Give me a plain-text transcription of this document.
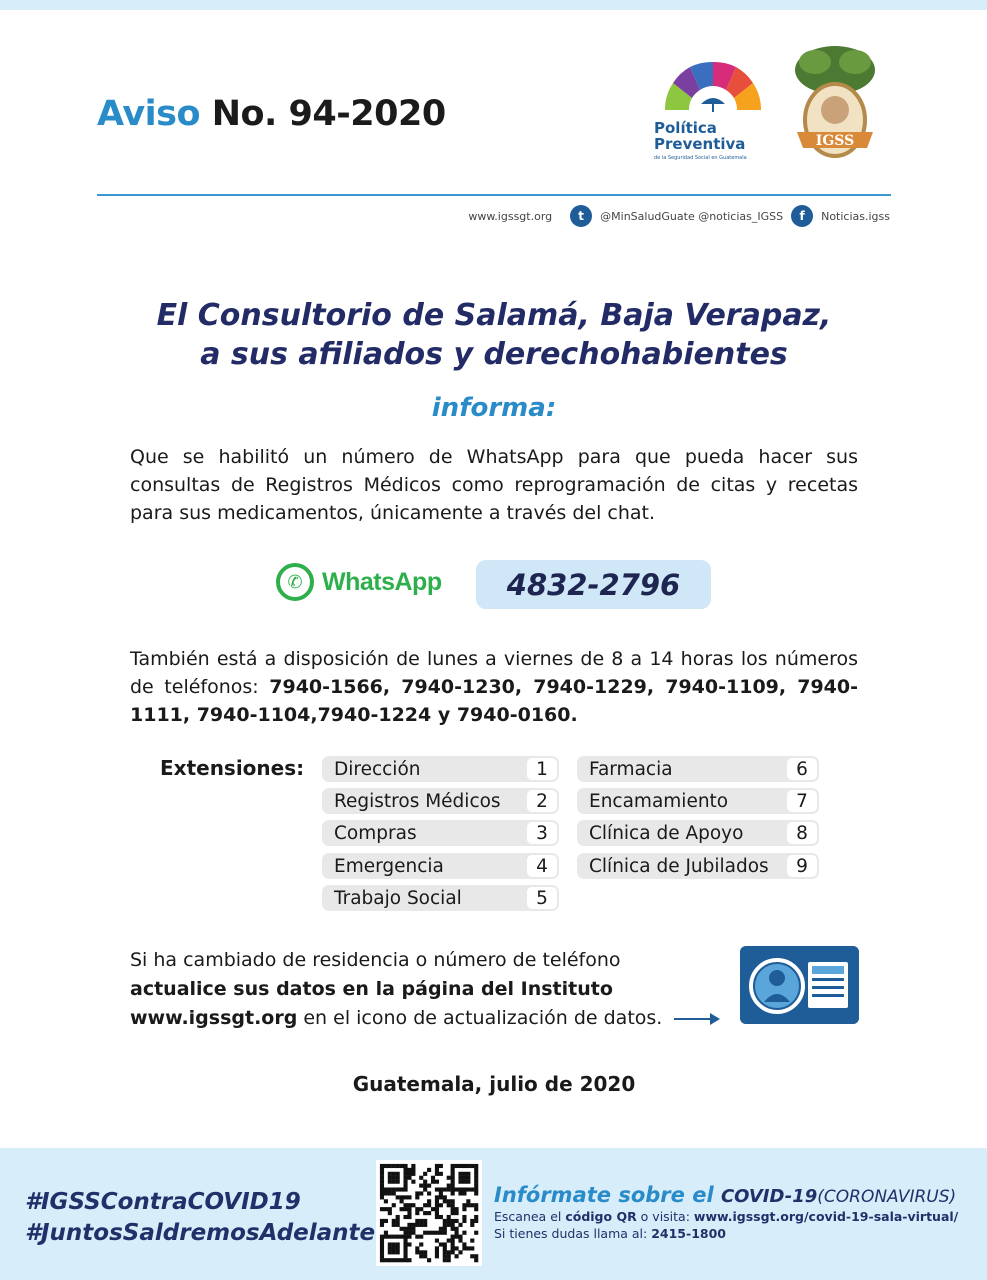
Aviso No. 94-2020	Política
Preventiva
de la Seguridad Social en Guatemala
IGSS
www.igssgt.org	t	@MinSaludGuate @noticias_IGSS	f	Noticias.igss
El Consultorio de Salamá, Baja Verapaz,
a sus afiliados y derechohabientes
informa:
Que se habilitó un número de WhatsApp para que pueda hacer sus consultas de Registros Médicos como reprogramación de citas y recetas para sus medicamentos, únicamente a través del chat.
✆ WhatsApp	4832-2796
También está a disposición de lunes a viernes de 8 a 14 horas los números de teléfonos: 7940-1566, 7940-1230, 7940-1229, 7940-1109, 7940-1111, 7940-1104,7940-1224 y 7940-0160.
Extensiones:	Dirección	1
Registros Médicos	2
Compras	3
Emergencia	4
Trabajo Social	5
Farmacia	6
Encamamiento	7
Clínica de Apoyo	8
Clínica de Jubilados	9
Si ha cambiado de residencia o número de teléfono actualice sus datos en la página del Instituto www.igssgt.org en el icono de actualización de datos.
Guatemala, julio de 2020
#IGSSContraCOVID19
#JuntosSaldremosAdelante
Infórmate sobre el COVID-19(CORONAVIRUS)
Escanea el código QR o visita: www.igssgt.org/covid-19-sala-virtual/
Si tienes dudas llama al: 2415-1800
